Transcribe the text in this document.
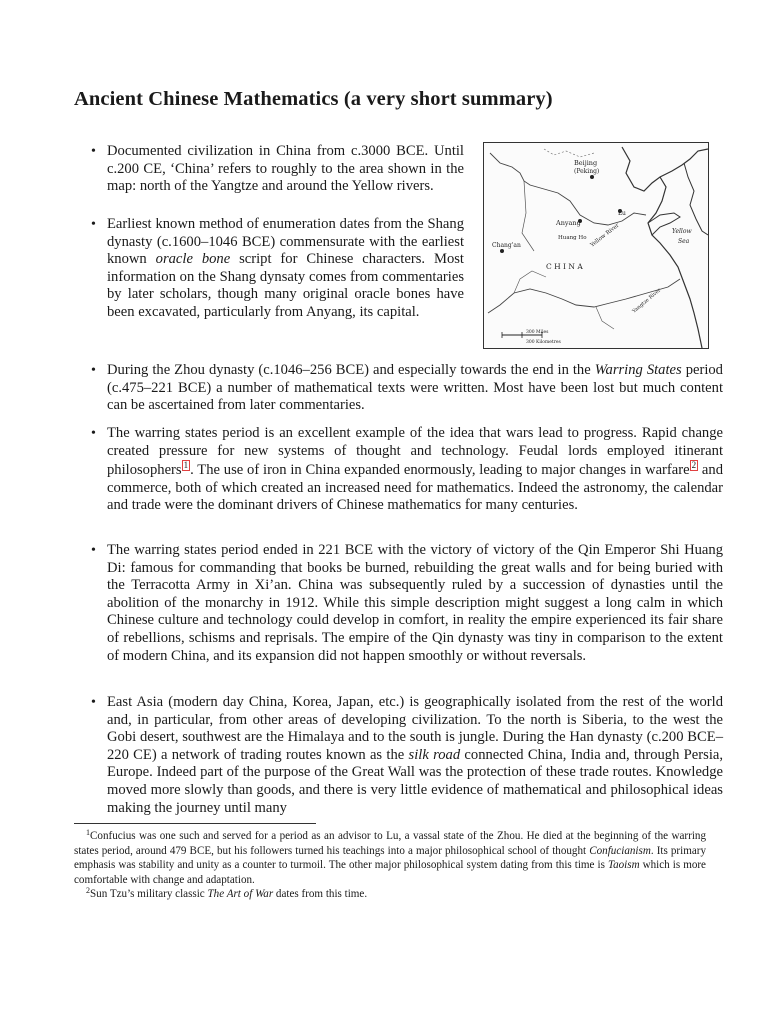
Ancient Chinese Mathematics (a very short summary)
• Documented civilization in China from c.3000 BCE. Until c.200 CE, ‘China’ refers to roughly to the area shown in the map: north of the Yangtze and around the Yellow rivers.
• Earliest known method of enumeration dates from the Shang dynasty (c.1600–1046 BCE) commensurate with the earliest known oracle bone script for Chinese characters. Most information on the Shang dynsaty comes from commentaries by later scholars, though many original oracle bones have been excavated, particularly from Anyang, its capital.
Beijing
(Peking)
Anyang
Lu
Huang Ho Yellow River
Chang'an
C H I N A
Yellow
Sea
Yangtze River
300 Miles
300 Kilometres
• During the Zhou dynasty (c.1046–256 BCE) and especially towards the end in the Warring States period (c.475–221 BCE) a number of mathematical texts were written. Most have been lost but much content can be ascertained from later commentaries.
• The warring states period is an excellent example of the idea that wars lead to progress. Rapid change created pressure for new systems of thought and technology. Feudal lords employed itinerant philosophers 1 . The use of iron in China expanded enormously, leading to major changes in warfare 2 and commerce, both of which created an increased need for mathematics. Indeed the astronomy, the calendar and trade were the dominant drivers of Chinese mathematics for many centuries.
• The warring states period ended in 221 BCE with the victory of victory of the Qin Emperor Shi Huang Di: famous for commanding that books be burned, rebuilding the great walls and for being buried with the Terracotta Army in Xi’an. China was subsequently ruled by a succession of dynasties until the abolition of the monarchy in 1912. While this simple description might suggest a long calm in which Chinese culture and technology could develop in comfort, in reality the empire experienced its fair share of rebellions, schisms and reprisals. The empire of the Qin dynasty was tiny in comparison to the extent of modern China, and its expansion did not happen smoothly or without reversals.
• East Asia (modern day China, Korea, Japan, etc.) is geographically isolated from the rest of the world and, in particular, from other areas of developing civilization. To the north is Siberia, to the west the Gobi desert, southwest are the Himalaya and to the south is jungle. During the Han dynasty (c.200 BCE–220 CE) a network of trading routes known as the silk road connected China, India and, through Persia, Europe. Indeed part of the purpose of the Great Wall was the protection of these trade routes. Knowledge moved more slowly than goods, and there is very little evidence of mathematical and philosophical ideas making the journey until many

$^1$Confucius was one such and served for a period as an advisor to Lu, a vassal state of the Zhou. He died at the beginning of the warring states period, around 479 BCE, but his followers turned his teachings into a major philosophical school of thought Confucianism. Its primary emphasis was stability and unity as a counter to turmoil. The other major philosophical system dating from this time is Taoism which is more comfortable with change and adaptation.

$^2$Sun Tzu’s military classic The Art of War dates from this time.
